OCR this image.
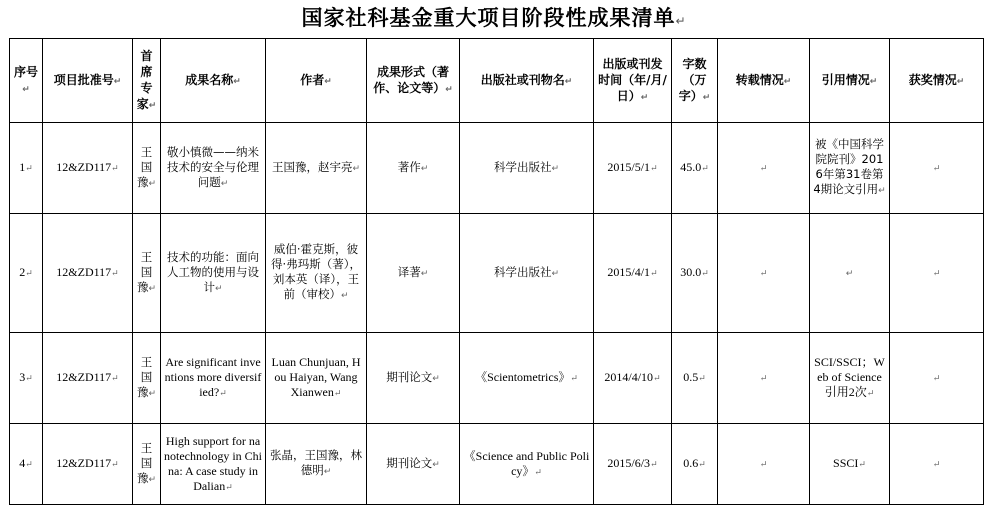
国家社科基金重大项目阶段性成果清单↵
序号↵	项目批准号↵	首席专家↵	成果名称↵	作者↵	成果形式（著作、论文等）↵	出版社或刊物名↵	出版或刊发时间（年/月/日）↵	字数（万字）↵	转载情况↵	引用情况↵	获奖情况↵
1↵	12&ZD117↵	王国豫↵	敬小慎微——纳米技术的安全与伦理问题↵	王国豫，赵宇亮↵	著作↵	科学出版社↵	2015/5/1↵	45.0↵	↵	被《中国科学院院刊》2016年第31卷第4期论文引用↵	↵
2↵	12&ZD117↵	王国豫↵	技术的功能：面向人工物的使用与设计↵	威伯·霍克斯，彼得·弗玛斯（著），刘本英（译），王前（审校）↵	译著↵	科学出版社↵	2015/4/1↵	30.0↵	↵	↵	↵
3↵	12&ZD117↵	王国豫↵	Are significant inventions more diversified?↵	Luan Chunjuan, Hou Haiyan, Wang Xianwen↵	期刊论文↵	《Scientometrics》↵	2014/4/10↵	0.5↵	↵	SCI/SSCI；Web of Science 引用2次↵	↵
4↵	12&ZD117↵	王国豫↵	High support for nanotechnology in China: A case study in Dalian↵	张晶，王国豫，林德明↵	期刊论文↵	《Science and Public Policy》↵	2015/6/3↵	0.6↵	↵	SSCI↵	↵
